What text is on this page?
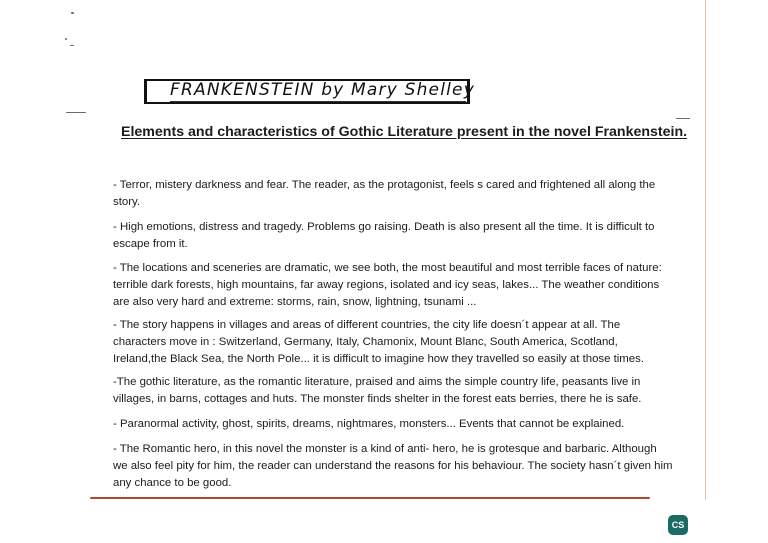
FRANKENSTEIN by Mary Shelley
Elements and characteristics of Gothic Literature present in the novel Frankenstein.
- Terror, mistery darkness and fear. The reader, as the protagonist, feels s cared and frightened all along the story.
- High emotions, distress and tragedy. Problems go raising. Death is also present all the time. It is difficult to escape from it.
- The locations and sceneries are dramatic, we see both, the most beautiful and most terrible faces of nature: terrible dark forests, high mountains, far away regions, isolated and icy seas, lakes... The weather conditions are also very hard and extreme: storms, rain, snow, lightning, tsunami ...
- The story happens in villages and areas of different countries, the city life doesn´t appear at all. The characters move in : Switzerland, Germany, Italy, Chamonix, Mount Blanc, South America, Scotland, Ireland,the Black Sea, the North Pole... it is difficult to imagine how they travelled so easily at those times.
-The gothic literature, as the romantic literature, praised and aims the simple country life, peasants live in villages, in barns, cottages and huts. The monster finds shelter in the forest eats berries, there he is safe.
- Paranormal activity, ghost, spirits, dreams, nightmares, monsters... Events that cannot be explained.
- The Romantic hero, in this novel the monster is a kind of anti- hero, he is grotesque and barbaric. Although we also feel pity for him, the reader can understand the reasons for his behaviour. The society hasn´t given him any chance to be good.
CS
